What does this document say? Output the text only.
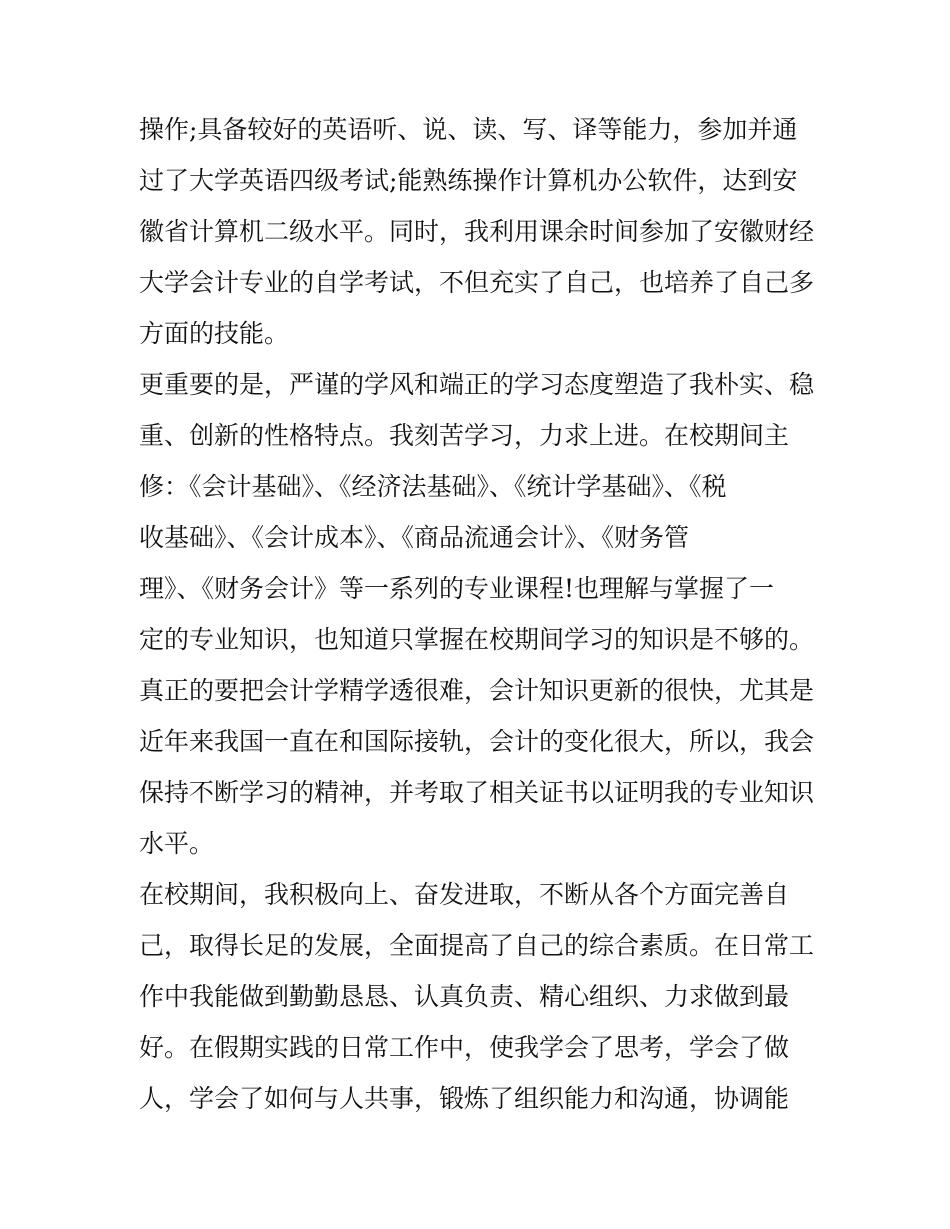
操作;具备较好的英语听、说、读、写、译等能力，参加并通
过了大学英语四级考试;能熟练操作计算机办公软件，达到安
徽省计算机二级水平。同时，我利用课余时间参加了安徽财经
大学会计专业的自学考试，不但充实了自己，也培养了自己多
方面的技能。
更重要的是，严谨的学风和端正的学习态度塑造了我朴实、稳
重、创新的性格特点。我刻苦学习，力求上进。在校期间主
修：《会计基础》、《经济法基础》、《统计学基础》、《税
收基础》、《会计成本》、《商品流通会计》、《财务管
理》、《财务会计》等一系列的专业课程!也理解与掌握了一
定的专业知识，也知道只掌握在校期间学习的知识是不够的。
真正的要把会计学精学透很难，会计知识更新的很快，尤其是
近年来我国一直在和国际接轨，会计的变化很大，所以，我会
保持不断学习的精神，并考取了相关证书以证明我的专业知识
水平。
在校期间，我积极向上、奋发进取，不断从各个方面完善自
己，取得长足的发展，全面提高了自己的综合素质。在日常工
作中我能做到勤勤恳恳、认真负责、精心组织、力求做到最
好。在假期实践的日常工作中，使我学会了思考，学会了做
人，学会了如何与人共事，锻炼了组织能力和沟通，协调能
